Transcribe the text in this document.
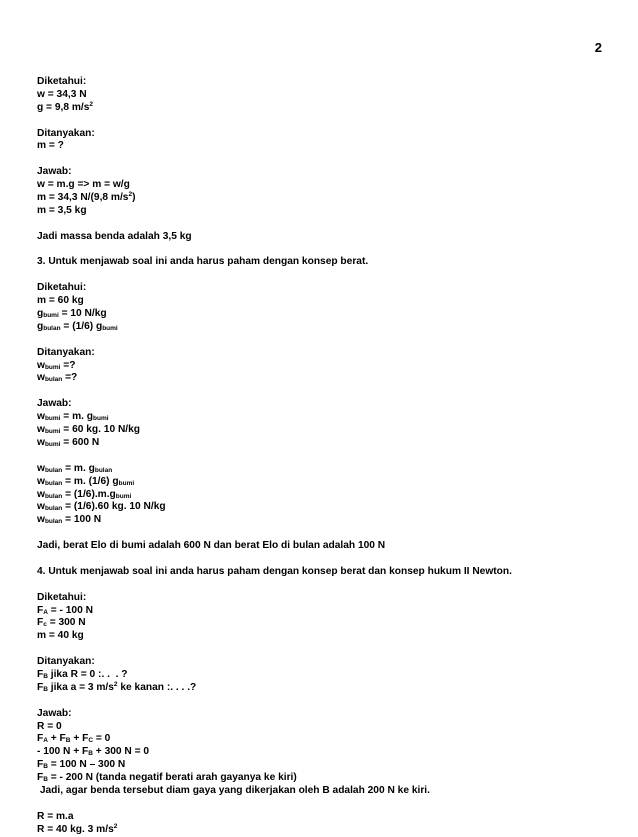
2
Diketahui:
w = 34,3 N
g = 9,8 $m/s^2$
Ditanyakan:
m = ?
Jawab:
w = m.g => m = w/g
m = 34,3 N/(9,8 $m/s^2$)
m = 3,5 kg
Jadi massa benda adalah 3,5 kg
3. Untuk menjawab soal ini anda harus paham dengan konsep berat.
Diketahui:
m = 60 kg
$g_{bumi} = 10$ N/kg
$g_{bulan} = (1/6)$ $g_{bumi}$
Ditanyakan:
$w_{bumi}$ =?
$w_{bulan}$ =?
Jawab:
$w_{bumi} = m$. $g_{bumi}$
$w_{bumi} = 60$ kg. 10 N/kg
$w_{bumi} = 600$ N
$w_{bulan} = m$. $g_{bulan}$
$w_{bulan} = m$. (1/6) $g_{bumi}$
$w_{bulan} = (1/6).m.g_{bumi}$
$w_{bulan} = (1/6).60$ kg. 10 N/kg
$w_{bulan} = 100$ N
Jadi, berat Elo di bumi adalah 600 N dan berat Elo di bulan adalah 100 N
4. Untuk menjawab soal ini anda harus paham dengan konsep berat dan konsep hukum II Newton.
Diketahui:
$F_A$ = - 100 N
$F_c = 300$ N
m = 40 kg
Ditanyakan:
$F_B$ jika R = 0 :. .  . ?
$F_B$ jika a = 3 $m/s^2$ ke kanan :. . . .?
Jawab:
R = 0
$F_A + F_B + F_C = 0$
- 100 $N + F_B + 300$ N = 0
$F_B = 100$ N – 300 N
$F_B$ = - 200 N (tanda negatif berati arah gayanya ke kiri)
Jadi, agar benda tersebut diam gaya yang dikerjakan oleh B adalah 200 N ke kiri.
R = m.a
R = 40 kg. 3 $m/s^2$
